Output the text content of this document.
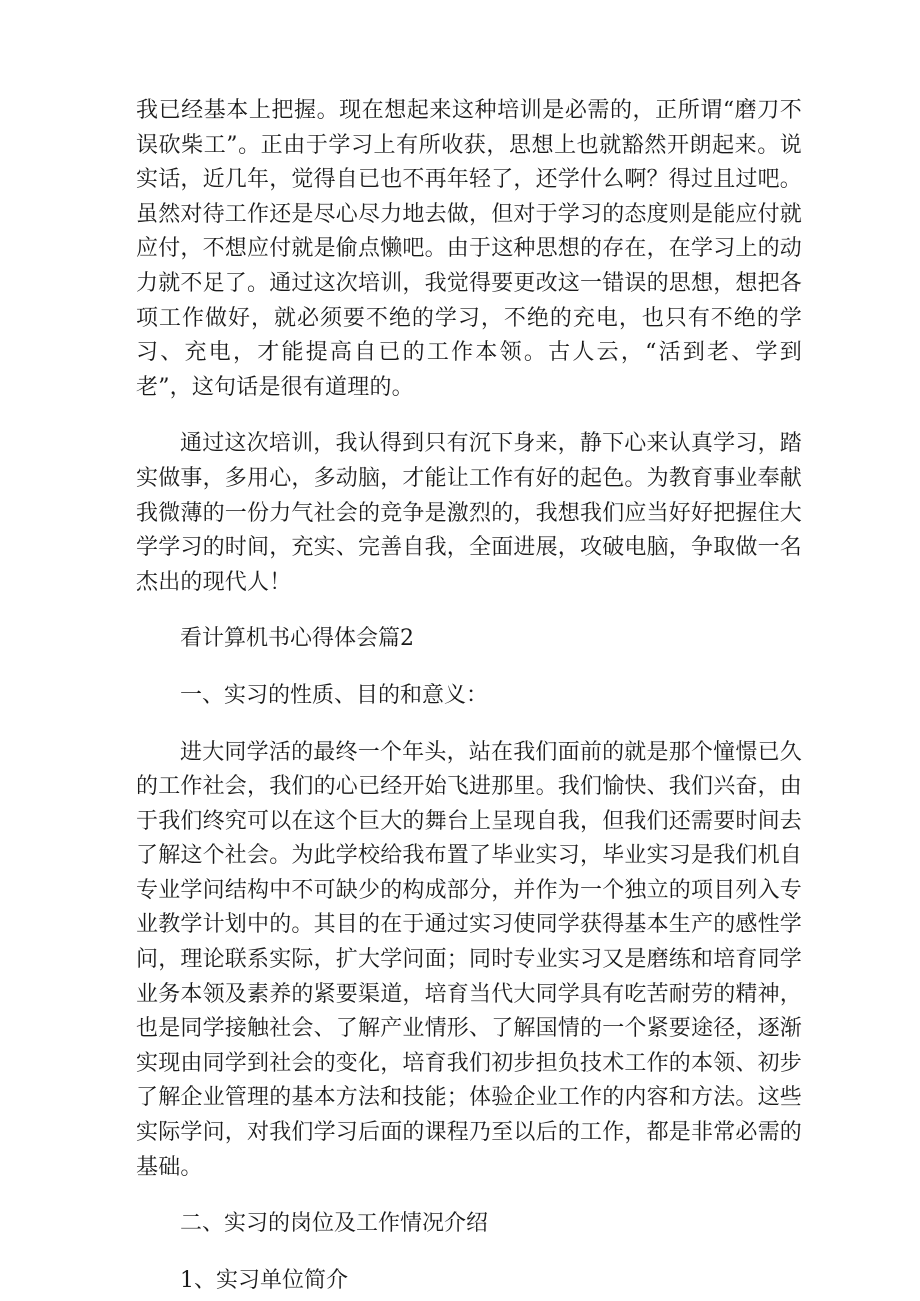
我已经基本上把握。现在想起来这种培训是必需的，正所谓“磨刀不误砍柴工”。正由于学习上有所收获，思想上也就豁然开朗起来。说实话，近几年，觉得自已也不再年轻了，还学什么啊？得过且过吧。虽然对待工作还是尽心尽力地去做，但对于学习的态度则是能应付就应付，不想应付就是偷点懒吧。由于这种思想的存在，在学习上的动力就不足了。通过这次培训，我觉得要更改这一错误的思想，想把各项工作做好，就必须要不绝的学习，不绝的充电，也只有不绝的学习、充电，才能提高自已的工作本领。古人云，“活到老、学到老”，这句话是很有道理的。

通过这次培训，我认得到只有沉下身来，静下心来认真学习，踏实做事，多用心，多动脑，才能让工作有好的起色。为教育事业奉献我微薄的一份力气社会的竞争是激烈的，我想我们应当好好把握住大学学习的时间，充实、完善自我，全面进展，攻破电脑，争取做一名杰出的现代人！

看计算机书心得体会篇2

一、实习的性质、目的和意义：

进大同学活的最终一个年头，站在我们面前的就是那个憧憬已久的工作社会，我们的心已经开始飞进那里。我们愉快、我们兴奋，由于我们终究可以在这个巨大的舞台上呈现自我，但我们还需要时间去了解这个社会。为此学校给我布置了毕业实习，毕业实习是我们机自专业学问结构中不可缺少的构成部分，并作为一个独立的项目列入专业教学计划中的。其目的在于通过实习使同学获得基本生产的感性学问，理论联系实际，扩大学问面；同时专业实习又是磨练和培育同学业务本领及素养的紧要渠道，培育当代大同学具有吃苦耐劳的精神，也是同学接触社会、了解产业情形、了解国情的一个紧要途径，逐渐实现由同学到社会的变化，培育我们初步担负技术工作的本领、初步了解企业管理的基本方法和技能；体验企业工作的内容和方法。这些实际学问，对我们学习后面的课程乃至以后的工作，都是非常必需的基础。

二、实习的岗位及工作情况介绍

1、实习单位简介
